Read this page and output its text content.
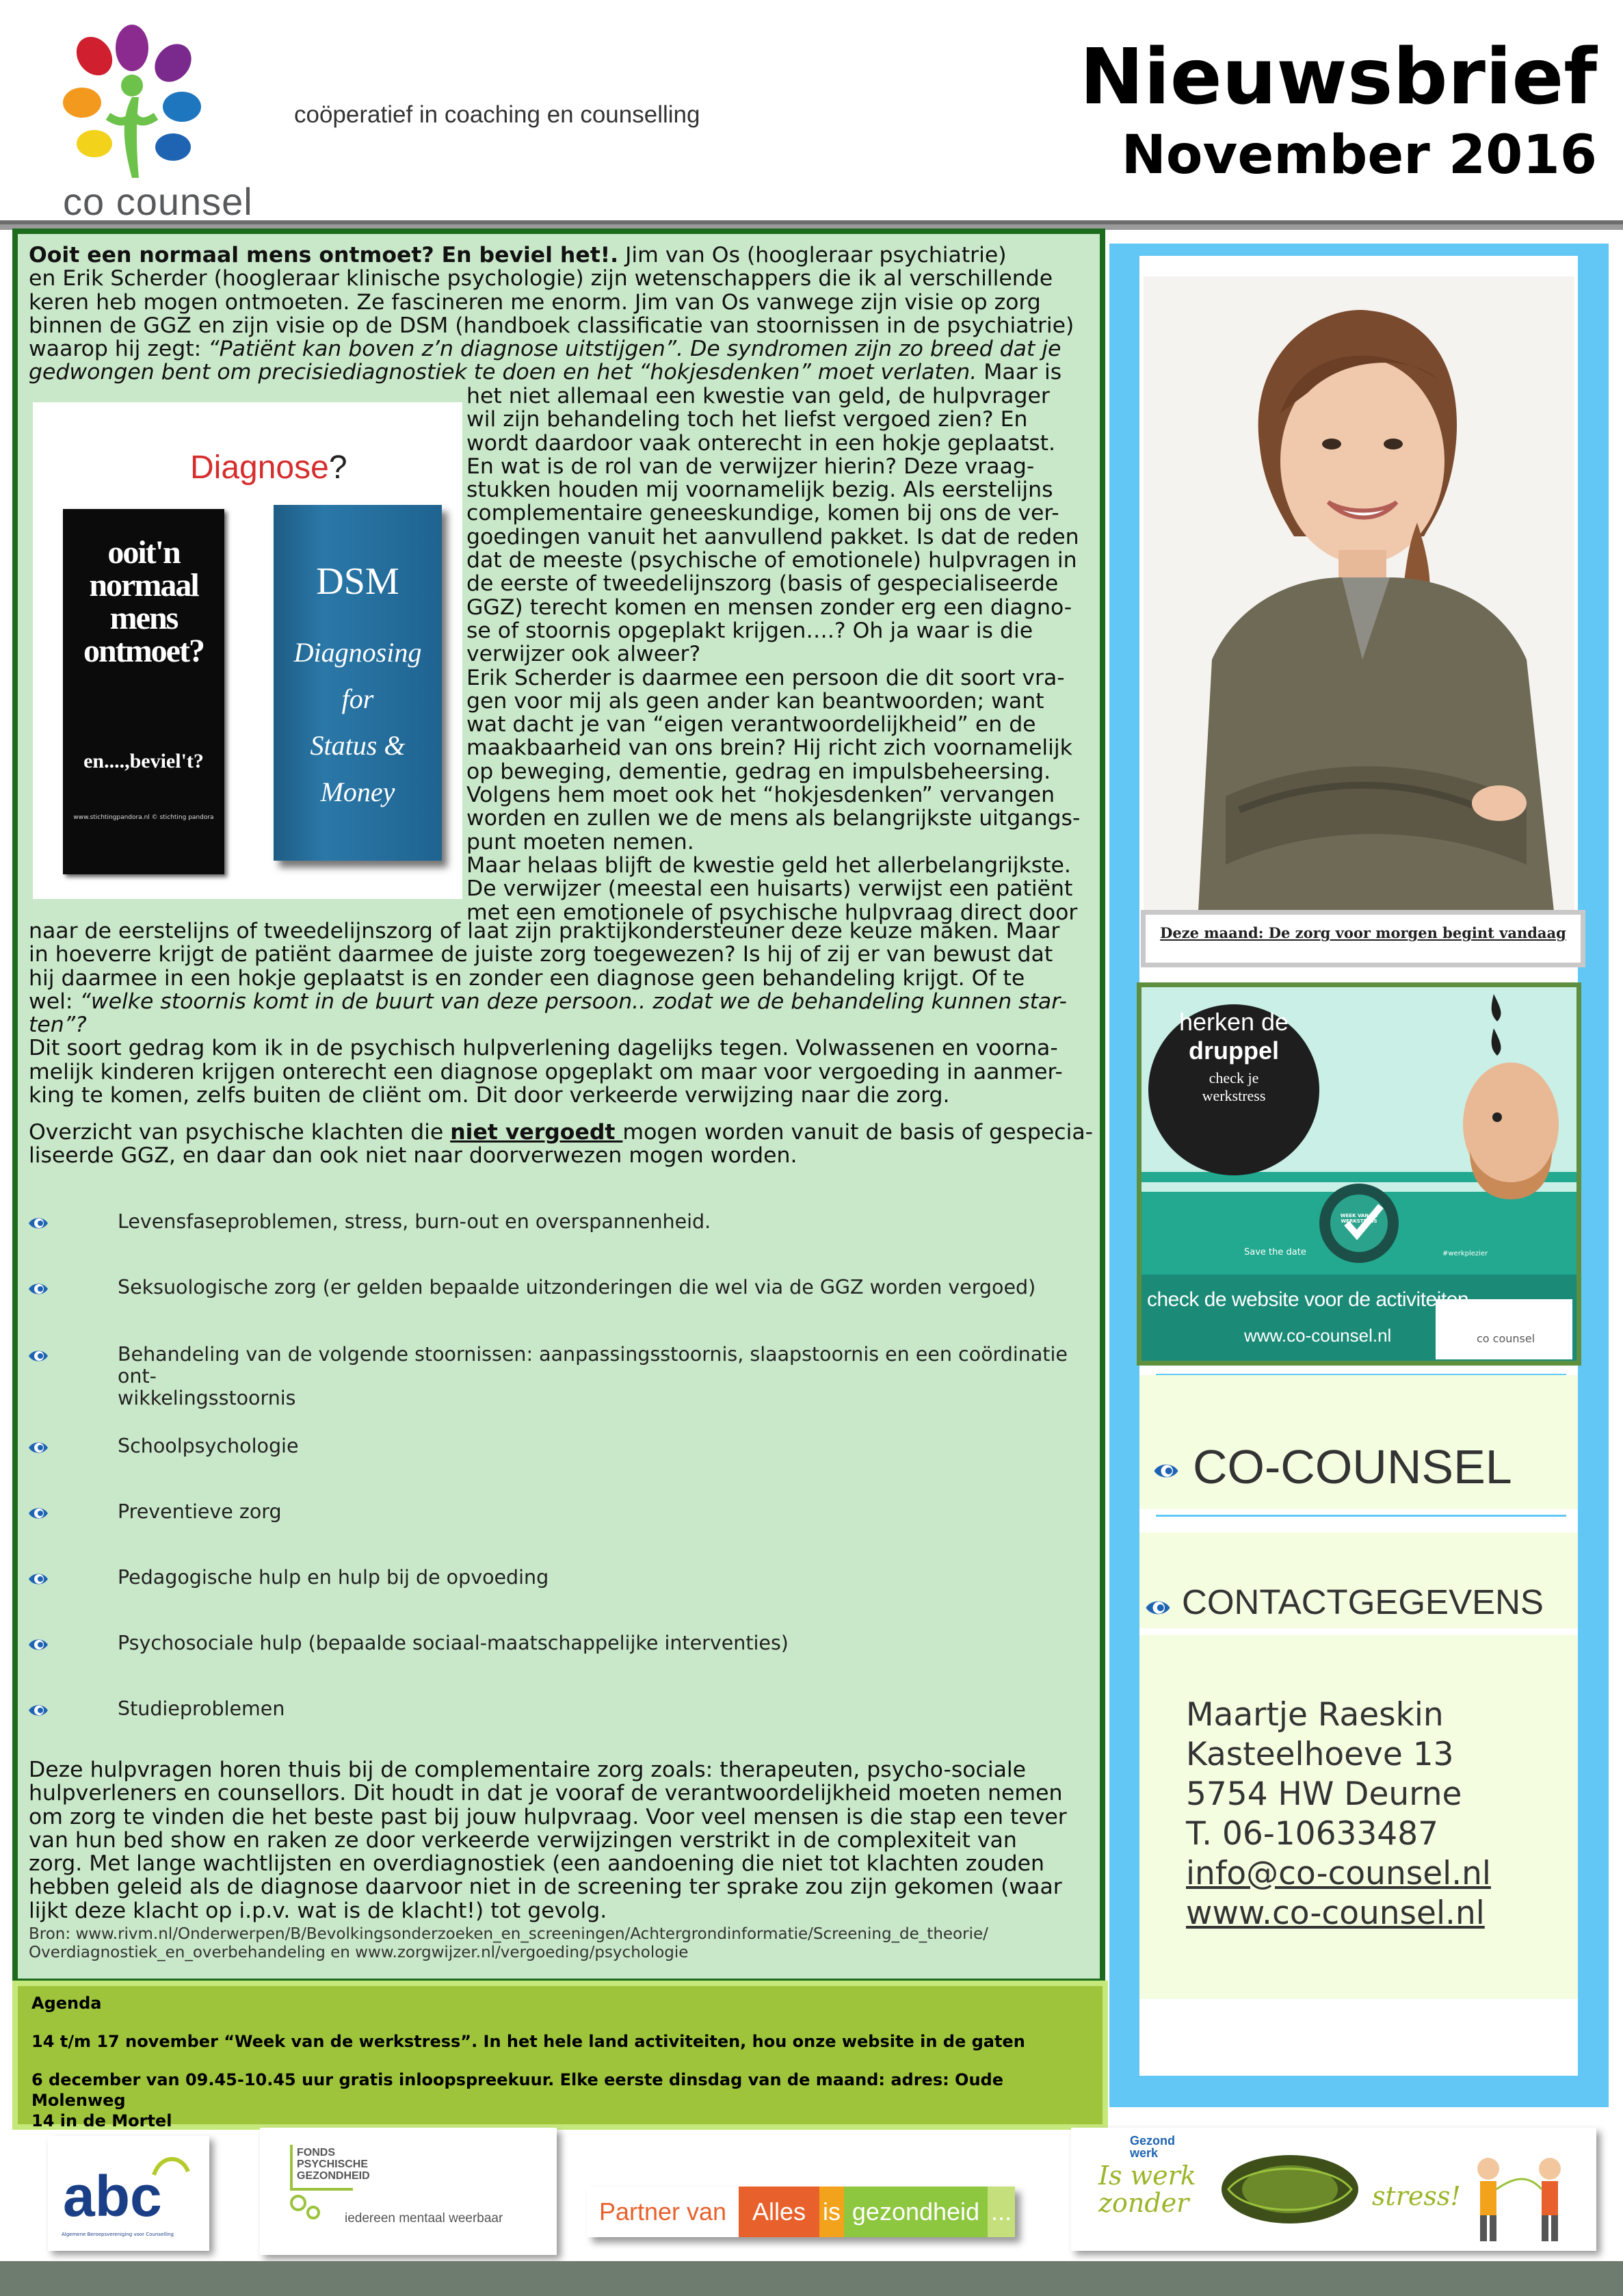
co counsel
coöperatief in coaching en counselling	Nieuwsbrief
November 2016
Ooit een normaal mens ontmoet? En beviel het!. Jim van Os (hoogleraar psychiatrie)
en Erik Scherder (hoogleraar klinische psychologie) zijn wetenschappers die ik al verschillende
keren heb mogen ontmoeten. Ze fascineren me enorm. Jim van Os vanwege zijn visie op zorg
binnen de GGZ en zijn visie op de DSM (handboek classificatie van stoornissen in de psychiatrie)
waarop hij zegt: “Patiënt kan boven z’n diagnose uitstijgen”. De syndromen zijn zo breed dat je
gedwongen bent om precisiediagnostiek te doen en het “hokjesdenken” moet verlaten. Maar is
Diagnose?
ooit'n
normaal
mens
ontmoet?
en....,beviel't?
www.stichtingpandora.nl © stichting pandora
DSM
Diagnosing
for
Status &
Money
het niet allemaal een kwestie van geld, de hulpvrager
wil zijn behandeling toch het liefst vergoed zien? En
wordt daardoor vaak onterecht in een hokje geplaatst.
En wat is de rol van de verwijzer hierin? Deze vraag-
stukken houden mij voornamelijk bezig. Als eerstelijns
complementaire geneeskundige, komen bij ons de ver-
goedingen vanuit het aanvullend pakket. Is dat de reden
dat de meeste (psychische of emotionele) hulpvragen in
de eerste of tweedelijnszorg (basis of gespecialiseerde
GGZ) terecht komen en mensen zonder erg een diagno-
se of stoornis opgeplakt krijgen….? Oh ja waar is die
verwijzer ook alweer?
Erik Scherder is daarmee een persoon die dit soort vra-
gen voor mij als geen ander kan beantwoorden; want
wat dacht je van “eigen verantwoordelijkheid” en de
maakbaarheid van ons brein? Hij richt zich voornamelijk
op beweging, dementie, gedrag en impulsbeheersing.
Volgens hem moet ook het “hokjesdenken” vervangen
worden en zullen we de mens als belangrijkste uitgangs-
punt moeten nemen.
Maar helaas blijft de kwestie geld het allerbelangrijkste.
De verwijzer (meestal een huisarts) verwijst een patiënt
met een emotionele of psychische hulpvraag direct door
naar de eerstelijns of tweedelijnszorg of laat zijn praktijkondersteuner deze keuze maken. Maar
in hoeverre krijgt de patiënt daarmee de juiste zorg toegewezen? Is hij of zij er van bewust dat
hij daarmee in een hokje geplaatst is en zonder een diagnose geen behandeling krijgt. Of te
wel: “welke stoornis komt in de buurt van deze persoon.. zodat we de behandeling kunnen star-
ten”?
Dit soort gedrag kom ik in de psychisch hulpverlening dagelijks tegen. Volwassenen en voorna-
melijk kinderen krijgen onterecht een diagnose opgeplakt om maar voor vergoeding in aanmer-
king te komen, zelfs buiten de cliënt om. Dit door verkeerde verwijzing naar die zorg.
Overzicht van psychische klachten die niet vergoedt mogen worden vanuit de basis of gespecia-
liseerde GGZ, en daar dan ook niet naar doorverwezen mogen worden.
Levensfaseproblemen, stress, burn-out en overspannenheid.
Seksuologische zorg (er gelden bepaalde uitzonderingen die wel via de GGZ worden vergoed)
Behandeling van de volgende stoornissen: aanpassingsstoornis, slaapstoornis en een coördinatie ont-
wikkelingsstoornis
Schoolpsychologie
Preventieve zorg
Pedagogische hulp en hulp bij de opvoeding
Psychosociale hulp (bepaalde sociaal-maatschappelijke interventies)
Studieproblemen
Deze hulpvragen horen thuis bij de complementaire zorg zoals: therapeuten, psycho-sociale
hulpverleners en counsellors. Dit houdt in dat je vooraf de verantwoordelijkheid moeten nemen
om zorg te vinden die het beste past bij jouw hulpvraag. Voor veel mensen is die stap een tever
van hun bed show en raken ze door verkeerde verwijzingen verstrikt in de complexiteit van
zorg. Met lange wachtlijsten en overdiagnostiek (een aandoening die niet tot klachten zouden
hebben geleid als de diagnose daarvoor niet in de screening ter sprake zou zijn gekomen (waar
lijkt deze klacht op i.p.v. wat is de klacht!) tot gevolg.
Bron: www.rivm.nl/Onderwerpen/B/Bevolkingsonderzoeken_en_screeningen/Achtergrondinformatie/Screening_de_theorie/
Overdiagnostiek_en_overbehandeling en www.zorgwijzer.nl/vergoeding/psychologie
Agenda
14 t/m 17 november “Week van de werkstress”. In het hele land activiteiten, hou onze website in de gaten
6 december van 09.45-10.45 uur gratis inloopspreekuur. Elke eerste dinsdag van de maand: adres: Oude Molenweg
14 in de Mortel
Deze maand: De zorg voor morgen begint vandaag
herken de
druppel
check je
werkstress
WEEK VAN DE WERKSTRESS
Save the date	#werkplezier
check de website voor de activiteiten
www.co-counsel.nl	co counsel
CO-COUNSEL
CONTACTGEGEVENS
Maartje Raeskin
Kasteelhoeve 13
5754 HW Deurne
T. 06-10633487
info@co-counsel.nl
www.co-counsel.nl
abc
Algemene Beroepsvereniging voor Counselling
FONDS
PSYCHISCHE
GEZONDHEID
iedereen mentaal weerbaar	Partner van	Alles is gezondheid ...
Gezond werk
Is werk
zonder	stress!
